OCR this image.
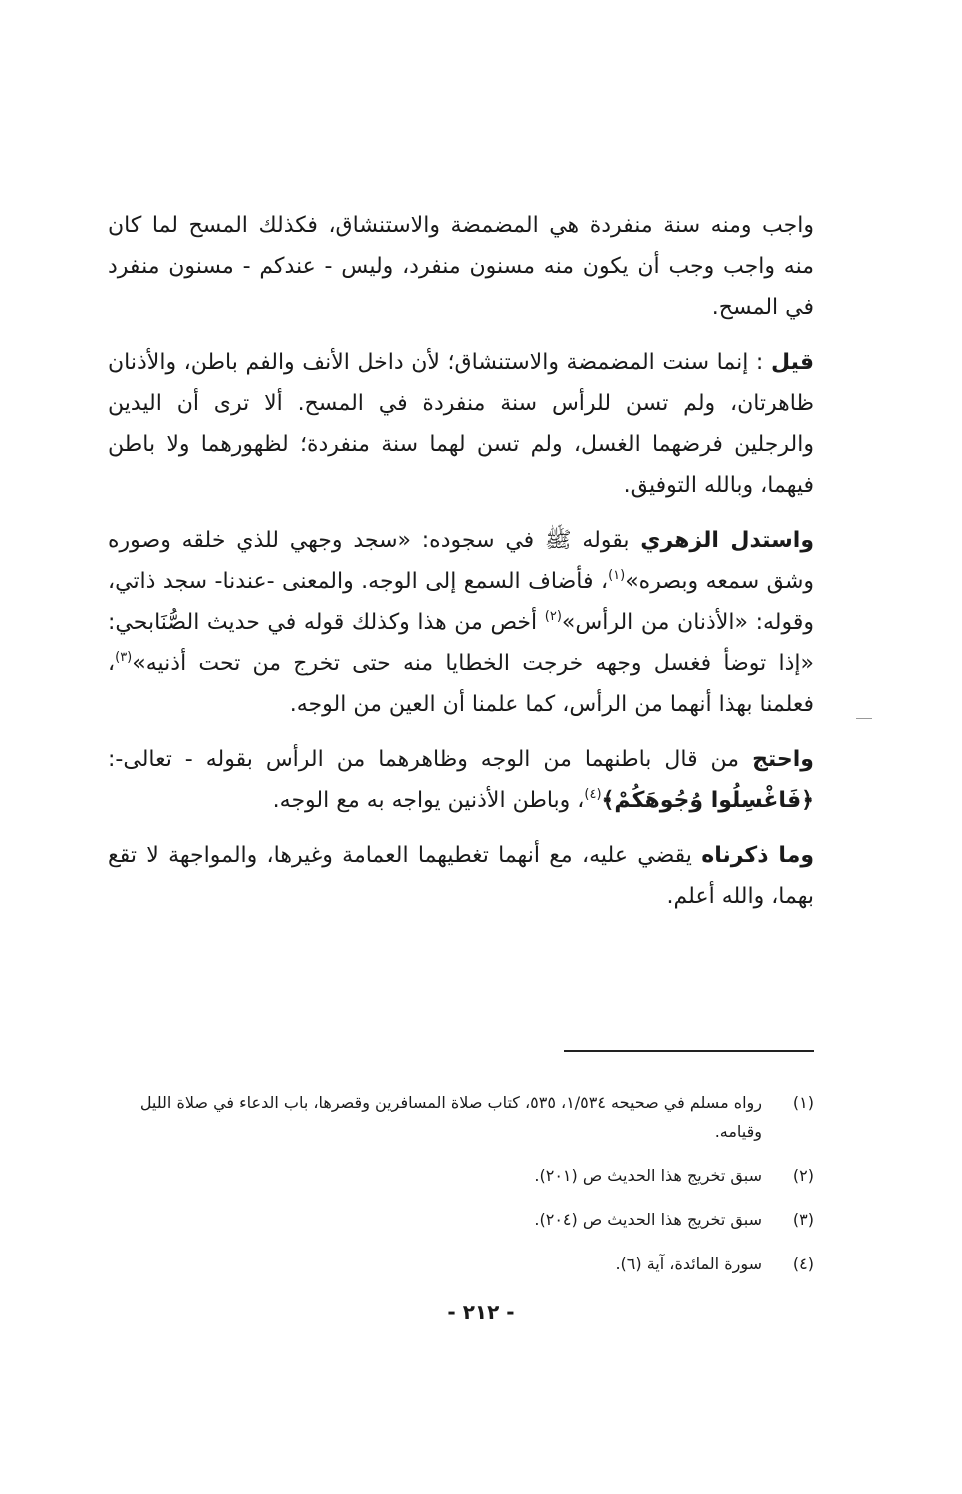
واجب ومنه سنة منفردة هي المضمضة والاستنشاق، فكذلك المسح لما كان منه واجب وجب أن يكون منه مسنون منفرد، وليس - عندكم - مسنون منفرد في المسح.

قيل : إنما سنت المضمضة والاستنشاق؛ لأن داخل الأنف والفم باطن، والأذنان ظاهرتان، ولم تسن للرأس سنة منفردة في المسح. ألا ترى أن اليدين والرجلين فرضهما الغسل، ولم تسن لهما سنة منفردة؛ لظهورهما ولا باطن فيهما، وبالله التوفيق.

واستدل الزهري بقوله ﷺ في سجوده: «سجد وجهي للذي خلقه وصوره وشق سمعه وبصره»$^{(١)}$، فأضاف السمع إلى الوجه. والمعنى -عندنا- سجد ذاتي، وقوله: «الأذنان من الرأس»$^{(٢)}$ أخص من هذا وكذلك قوله في حديث الصُّنَابحي: «إذا توضأ فغسل وجهه خرجت الخطايا منه حتى تخرج من تحت أذنيه»$^{(٣)}$، فعلمنا بهذا أنهما من الرأس، كما علمنا أن العين من الوجه.

واحتج من قال باطنهما من الوجه وظاهرهما من الرأس بقوله - تعالى-: ﴿فَاغْسِلُوا وُجُوهَكُمْ﴾$^{(٤)}$، وباطن الأذنين يواجه به مع الوجه.

وما ذكرناه يقضي عليه، مع أنهما تغطيهما العمامة وغيرها، والمواجهة لا تقع بهما، والله أعلم.

(١)
رواه مسلم في صحيحه ١/٥٣٤، ٥٣٥، كتاب صلاة المسافرين وقصرها، باب الدعاء في صلاة الليل وقيامه.
(٢)
سبق تخريج هذا الحديث ص (٢٠١).
(٣)
سبق تخريج هذا الحديث ص (٢٠٤).
(٤)
سورة المائدة، آية (٦).
- ٢١٢ -
